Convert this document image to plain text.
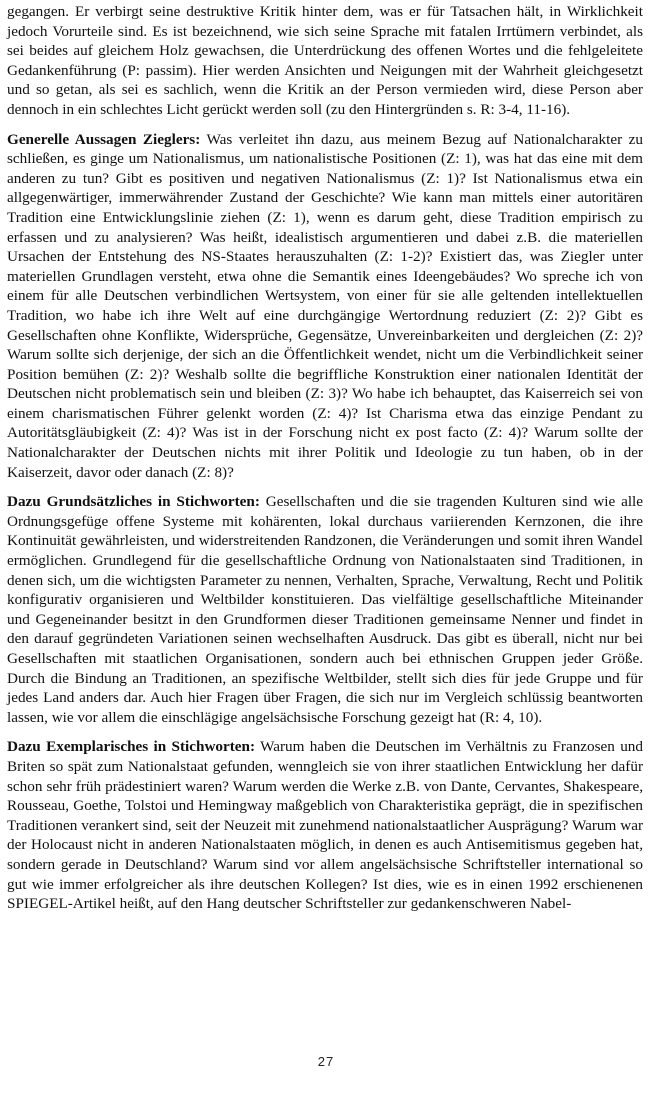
gegangen. Er verbirgt seine destruktive Kritik hinter dem, was er für Tatsachen hält, in Wirklichkeit jedoch Vorurteile sind. Es ist bezeichnend, wie sich seine Sprache mit fatalen Irrtümern verbindet, als sei beides auf gleichem Holz gewachsen, die Unterdrückung des offenen Wortes und die fehlgeleitete Gedankenführung (P: passim). Hier werden Ansichten und Neigungen mit der Wahrheit gleichgesetzt und so getan, als sei es sachlich, wenn die Kritik an der Person vermieden wird, diese Person aber dennoch in ein schlechtes Licht gerückt werden soll (zu den Hintergründen s. R: 3-4, 11-16).

Generelle Aussagen Zieglers: Was verleitet ihn dazu, aus meinem Bezug auf Nationalcharakter zu schließen, es ginge um Nationalismus, um nationalistische Positionen (Z: 1), was hat das eine mit dem anderen zu tun? Gibt es positiven und negativen Nationalismus (Z: 1)? Ist Nationalismus etwa ein allgegenwärtiger, immerwährender Zustand der Geschichte? Wie kann man mittels einer autoritären Tradition eine Entwicklungslinie ziehen (Z: 1), wenn es darum geht, diese Tradition empirisch zu erfassen und zu analysieren? Was heißt, idealistisch argumentieren und dabei z.B. die materiellen Ursachen der Entstehung des NS-Staates herauszuhalten (Z: 1-2)? Existiert das, was Ziegler unter materiellen Grundlagen versteht, etwa ohne die Semantik eines Ideengebäudes? Wo spreche ich von einem für alle Deutschen verbindlichen Wertsystem, von einer für sie alle geltenden intellektuellen Tradition, wo habe ich ihre Welt auf eine durchgängige Wertordnung reduziert (Z: 2)? Gibt es Gesellschaften ohne Konflikte, Widersprüche, Gegensätze, Unvereinbarkeiten und dergleichen (Z: 2)? Warum sollte sich derjenige, der sich an die Öffentlichkeit wendet, nicht um die Verbindlichkeit seiner Position bemühen (Z: 2)? Weshalb sollte die begriffliche Konstruktion einer nationalen Identität der Deutschen nicht problematisch sein und bleiben (Z: 3)? Wo habe ich behauptet, das Kaiserreich sei von einem charismatischen Führer gelenkt worden (Z: 4)? Ist Charisma etwa das einzige Pendant zu Autoritätsgläubigkeit (Z: 4)? Was ist in der Forschung nicht ex post facto (Z: 4)? Warum sollte der Nationalcharakter der Deutschen nichts mit ihrer Politik und Ideologie zu tun haben, ob in der Kaiserzeit, davor oder danach (Z: 8)?

Dazu Grundsätzliches in Stichworten: Gesellschaften und die sie tragenden Kulturen sind wie alle Ordnungsgefüge offene Systeme mit kohärenten, lokal durchaus variierenden Kernzonen, die ihre Kontinuität gewährleisten, und widerstreitenden Randzonen, die Veränderungen und somit ihren Wandel ermöglichen. Grundlegend für die gesellschaftliche Ordnung von Nationalstaaten sind Traditionen, in denen sich, um die wichtigsten Parameter zu nennen, Verhalten, Sprache, Verwaltung, Recht und Politik konfigurativ organisieren und Weltbilder konstituieren. Das vielfältige gesellschaftliche Miteinander und Gegeneinander besitzt in den Grundformen dieser Traditionen gemeinsame Nenner und findet in den darauf gegründeten Variationen seinen wechselhaften Ausdruck. Das gibt es überall, nicht nur bei Gesellschaften mit staatlichen Organisationen, sondern auch bei ethnischen Gruppen jeder Größe. Durch die Bindung an Traditionen, an spezifische Weltbilder, stellt sich dies für jede Gruppe und für jedes Land anders dar. Auch hier Fragen über Fragen, die sich nur im Vergleich schlüssig beantworten lassen, wie vor allem die einschlägige angelsächsische Forschung gezeigt hat (R: 4, 10).

Dazu Exemplarisches in Stichworten: Warum haben die Deutschen im Verhältnis zu Franzosen und Briten so spät zum Nationalstaat gefunden, wenngleich sie von ihrer staatlichen Entwicklung her dafür schon sehr früh prädestiniert waren? Warum werden die Werke z.B. von Dante, Cervantes, Shakespeare, Rousseau, Goethe, Tolstoi und Hemingway maßgeblich von Charakteristika geprägt, die in spezifischen Traditionen verankert sind, seit der Neuzeit mit zunehmend nationalstaatlicher Ausprägung? Warum war der Holocaust nicht in anderen Nationalstaaten möglich, in denen es auch Antisemitismus gegeben hat, sondern gerade in Deutschland? Warum sind vor allem angelsächsische Schriftsteller international so gut wie immer erfolgreicher als ihre deutschen Kollegen? Ist dies, wie es in einen 1992 erschienenen SPIEGEL-Artikel heißt, auf den Hang deutscher Schriftsteller zur gedankenschweren Nabel-

27
